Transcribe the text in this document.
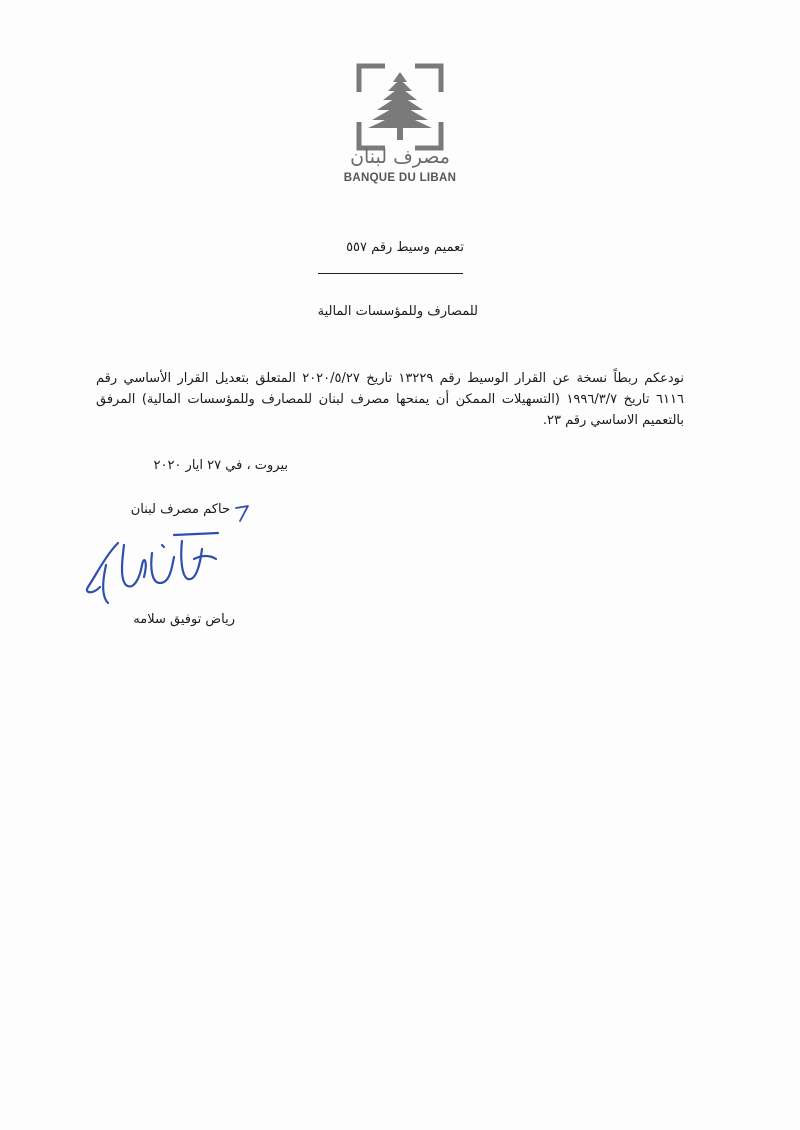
مصرف لبنان
BANQUE DU LIBAN
تعميم وسيط رقم ٥٥٧
للمصارف وللمؤسسات المالية
نودعكم ربطاً نسخة عن القرار الوسيط رقم ١٣٢٢٩ تاريخ ٢٠٢٠/٥/٢٧ المتعلق بتعديل القرار الأساسي رقم ٦١١٦ تاريخ ١٩٩٦/٣/٧ (التسهيلات الممكن أن يمنحها مصرف لبنان للمصارف وللمؤسسات المالية) المرفق بالتعميم الاساسي رقم ٢٣.
بيروت ، في ٢٧ ايار ٢٠٢٠
حاكم مصرف لبنان
رياض توفيق سلامه
